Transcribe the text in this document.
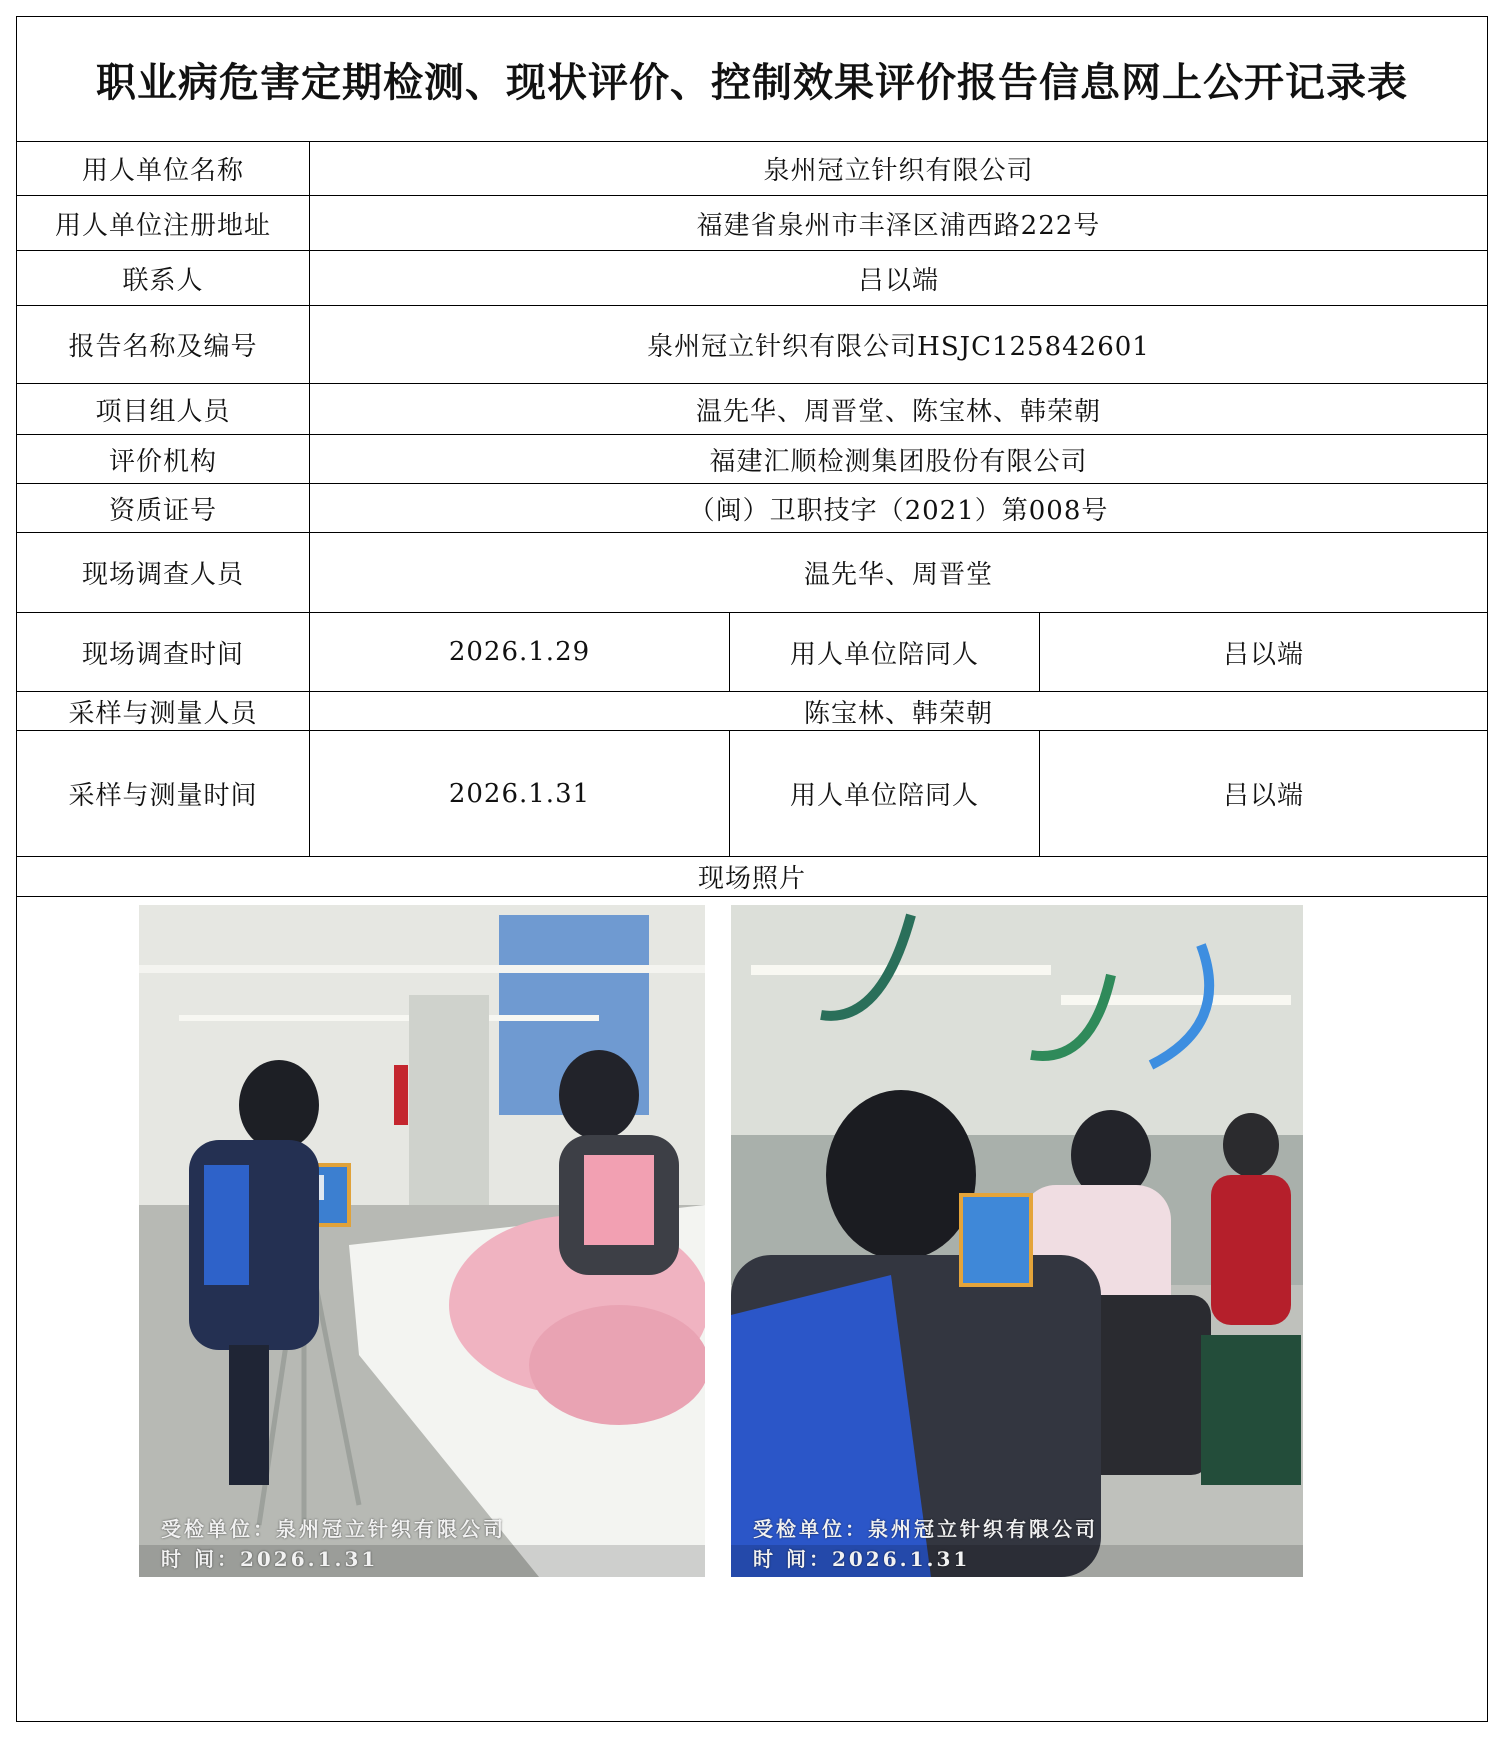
职业病危害定期检测、现状评价、控制效果评价报告信息网上公开记录表
用人单位名称	泉州冠立针织有限公司
用人单位注册地址	福建省泉州市丰泽区浦西路222号
联系人	吕以端
报告名称及编号	泉州冠立针织有限公司HSJC125842601
项目组人员	温先华、周晋堂、陈宝林、韩荣朝
评价机构	福建汇顺检测集团股份有限公司
资质证号	（闽）卫职技字（2021）第008号
现场调查人员	温先华、周晋堂
现场调查时间	2026.1.29	用人单位陪同人	吕以端
采样与测量人员	陈宝林、韩荣朝
采样与测量时间	2026.1.31	用人单位陪同人	吕以端
现场照片
受检单位：泉州冠立针织有限公司
时 间：2026.1.31
受检单位：泉州冠立针织有限公司
时 间：2026.1.31
